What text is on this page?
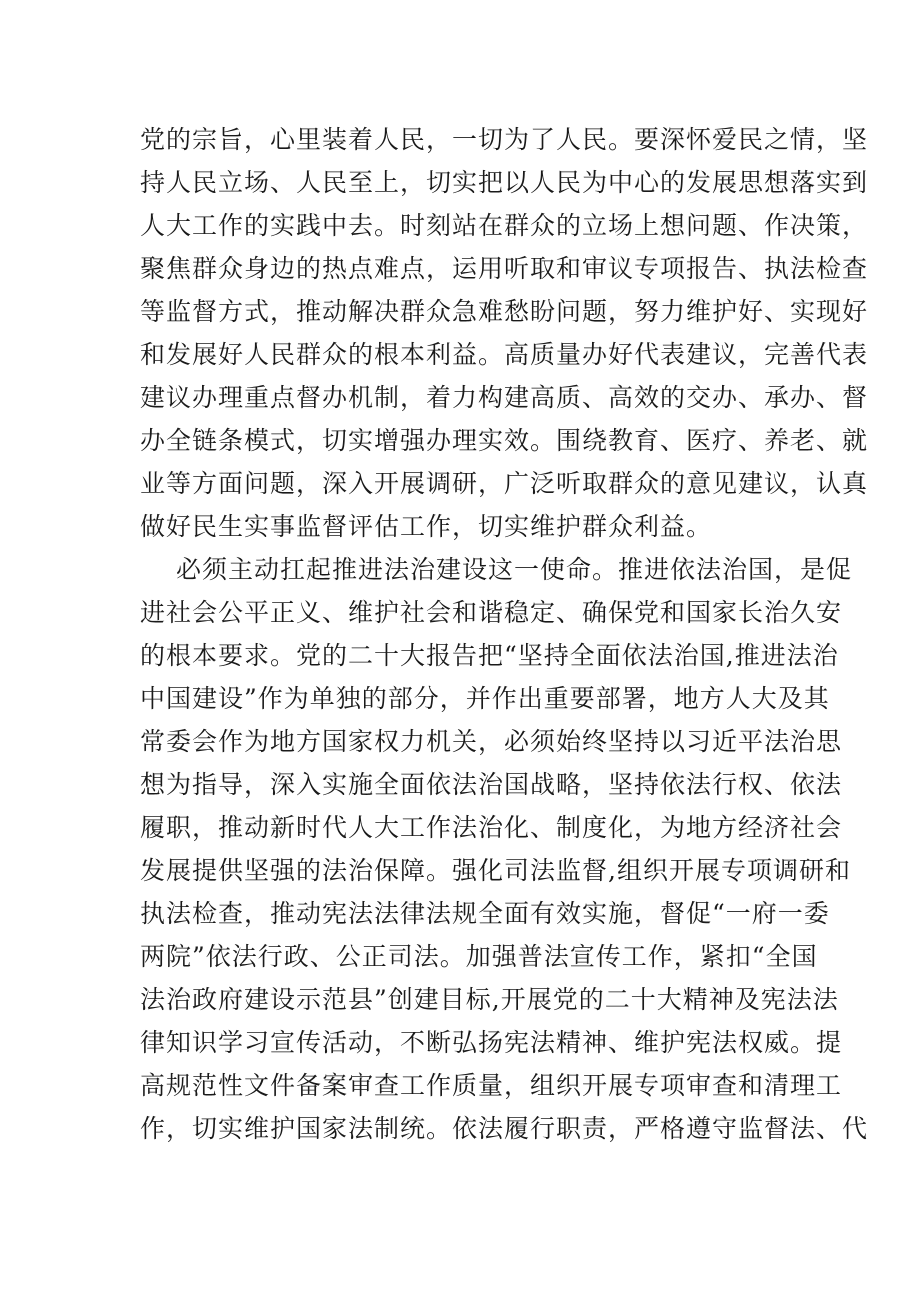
党的宗旨，心里装着人民，一切为了人民。要深怀爱民之情，坚
持人民立场、人民至上，切实把以人民为中心的发展思想落实到
人大工作的实践中去。时刻站在群众的立场上想问题、作决策，
聚焦群众身边的热点难点，运用听取和审议专项报告、执法检查
等监督方式，推动解决群众急难愁盼问题，努力维护好、实现好
和发展好人民群众的根本利益。高质量办好代表建议，完善代表
建议办理重点督办机制，着力构建高质、高效的交办、承办、督
办全链条模式，切实增强办理实效。围绕教育、医疗、养老、就
业等方面问题，深入开展调研，广泛听取群众的意见建议，认真
做好民生实事监督评估工作，切实维护群众利益。
必须主动扛起推进法治建设这一使命。推进依法治国，是促
进社会公平正义、维护社会和谐稳定、确保党和国家长治久安
的根本要求。党的二十大报告把“坚持全面依法治国,推进法治
中国建设”作为单独的部分，并作出重要部署，地方人大及其
常委会作为地方国家权力机关，必须始终坚持以习近平法治思
想为指导，深入实施全面依法治国战略，坚持依法行权、依法
履职，推动新时代人大工作法治化、制度化，为地方经济社会
发展提供坚强的法治保障。强化司法监督,组织开展专项调研和
执法检查，推动宪法法律法规全面有效实施，督促“一府一委
两院”依法行政、公正司法。加强普法宣传工作，紧扣“全国
法治政府建设示范县”创建目标,开展党的二十大精神及宪法法
律知识学习宣传活动，不断弘扬宪法精神、维护宪法权威。提
高规范性文件备案审查工作质量，组织开展专项审查和清理工
作，切实维护国家法制统。依法履行职责，严格遵守监督法、代
